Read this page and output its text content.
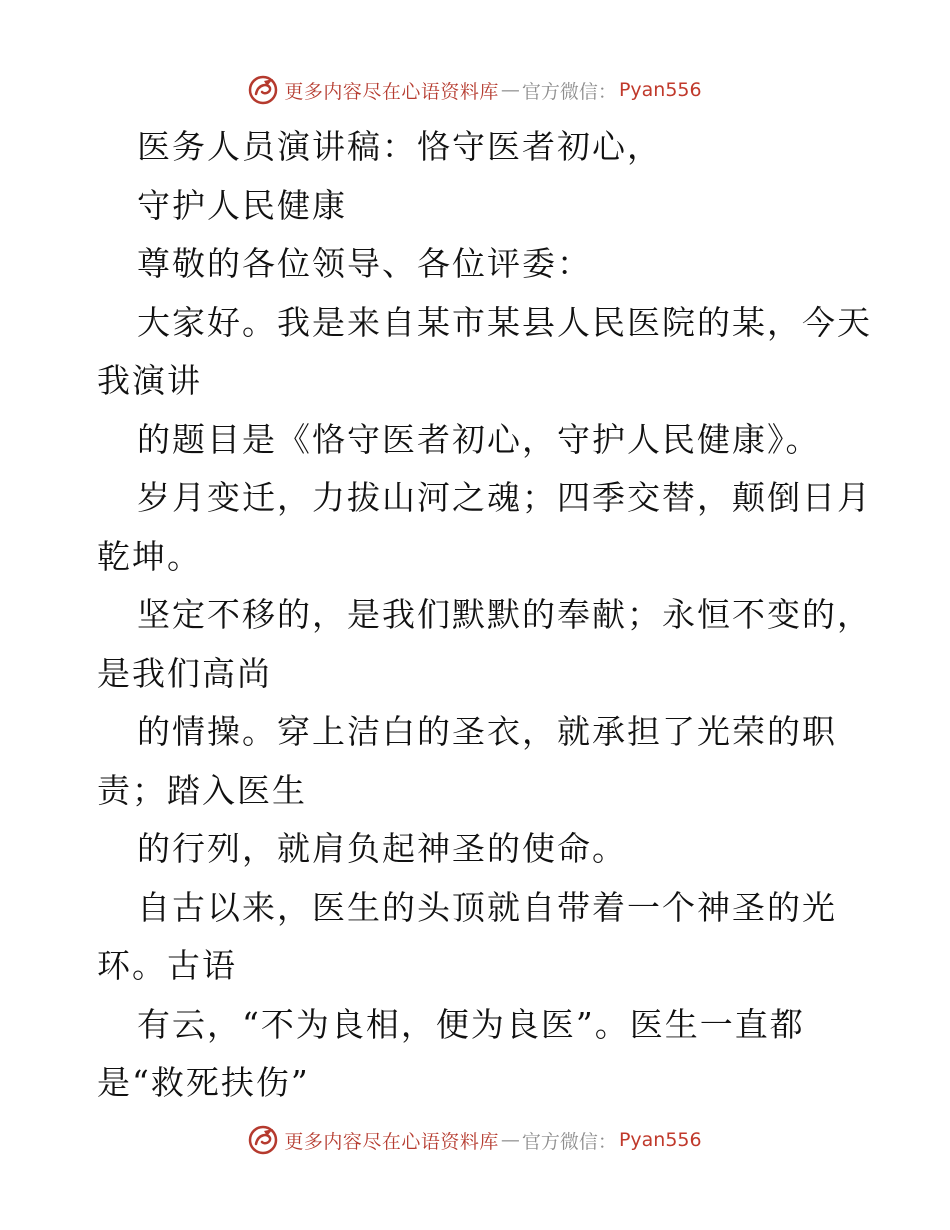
更多内容尽在心语资料库 — 官方微信： Pyan556

医务人员演讲稿：恪守医者初心，

守护人民健康

尊敬的各位领导、各位评委：

大家好。我是来自某市某县人民医院的某，今天

我演讲

的题目是《恪守医者初心，守护人民健康》。

岁月变迁，力拔山河之魂；四季交替，颠倒日月

乾坤。

坚定不移的，是我们默默的奉献；永恒不变的，

是我们高尚

的情操。穿上洁白的圣衣，就承担了光荣的职

责；踏入医生

的行列，就肩负起神圣的使命。

自古以来，医生的头顶就自带着一个神圣的光

环。古语

有云，“不为良相，便为良医”。医生一直都

是“救死扶伤”

更多内容尽在心语资料库 — 官方微信： Pyan556
